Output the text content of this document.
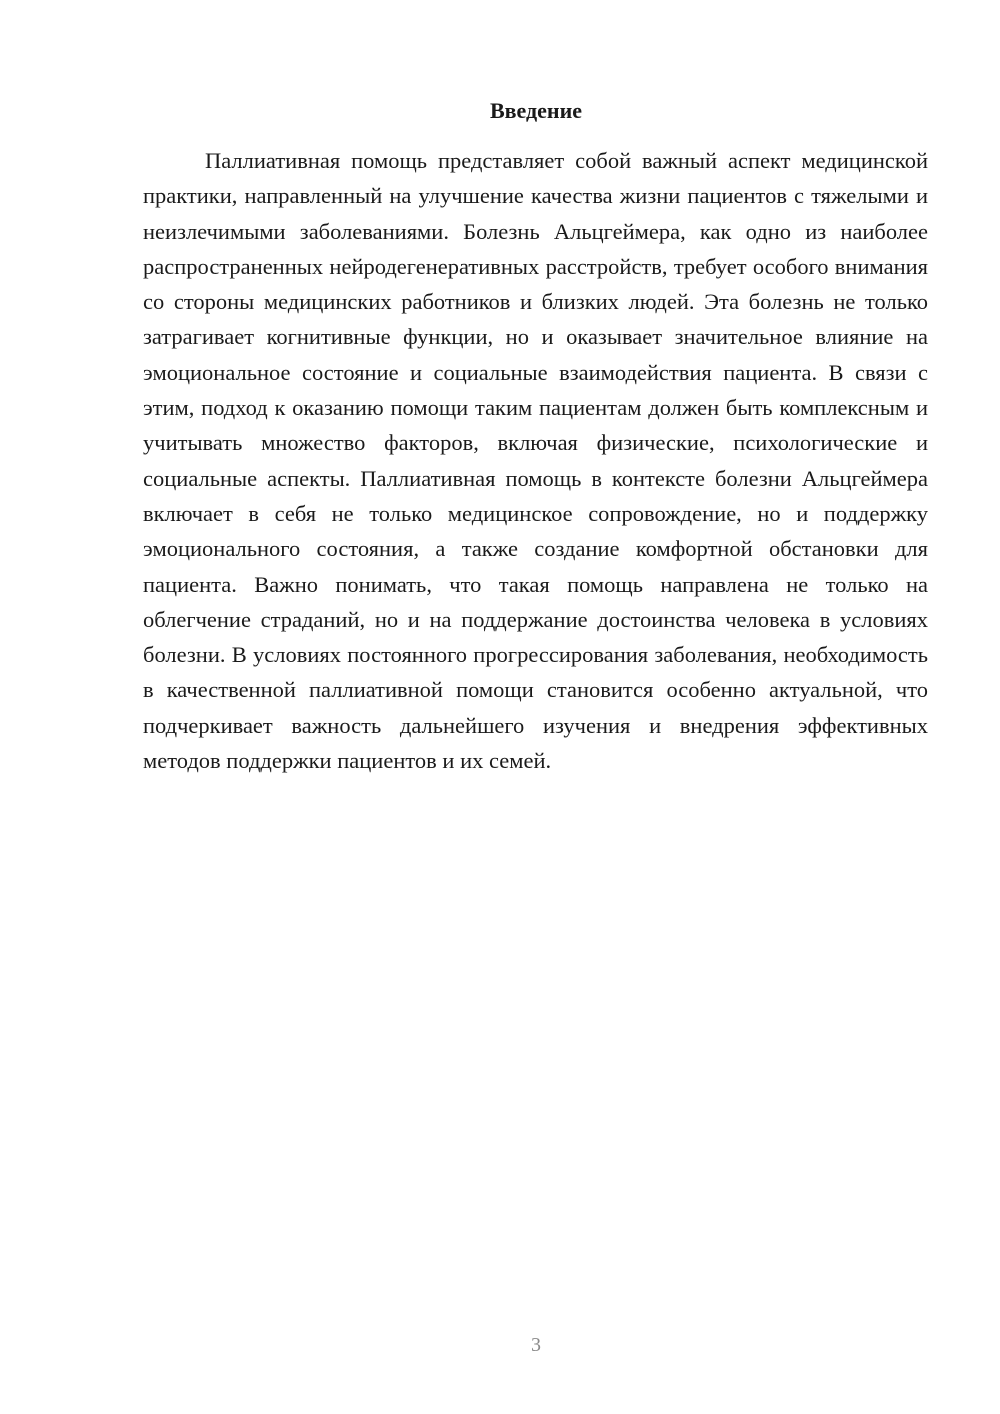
Введение

Паллиативная помощь представляет собой важный аспект медицинской практики, направленный на улучшение качества жизни пациентов с тяжелыми и неизлечимыми заболеваниями. Болезнь Альцгеймера, как одно из наиболее распространенных нейродегенеративных расстройств, требует особого внимания со стороны медицинских работников и близких людей. Эта болезнь не только затрагивает когнитивные функции, но и оказывает значительное влияние на эмоциональное состояние и социальные взаимодействия пациента. В связи с этим, подход к оказанию помощи таким пациентам должен быть комплексным и учитывать множество факторов, включая физические, психологические и социальные аспекты. Паллиативная помощь в контексте болезни Альцгеймера включает в себя не только медицинское сопровождение, но и поддержку эмоционального состояния, а также создание комфортной обстановки для пациента. Важно понимать, что такая помощь направлена не только на облегчение страданий, но и на поддержание достоинства человека в условиях болезни. В условиях постоянного прогрессирования заболевания, необходимость в качественной паллиативной помощи становится особенно актуальной, что подчеркивает важность дальнейшего изучения и внедрения эффективных методов поддержки пациентов и их семей.

3
